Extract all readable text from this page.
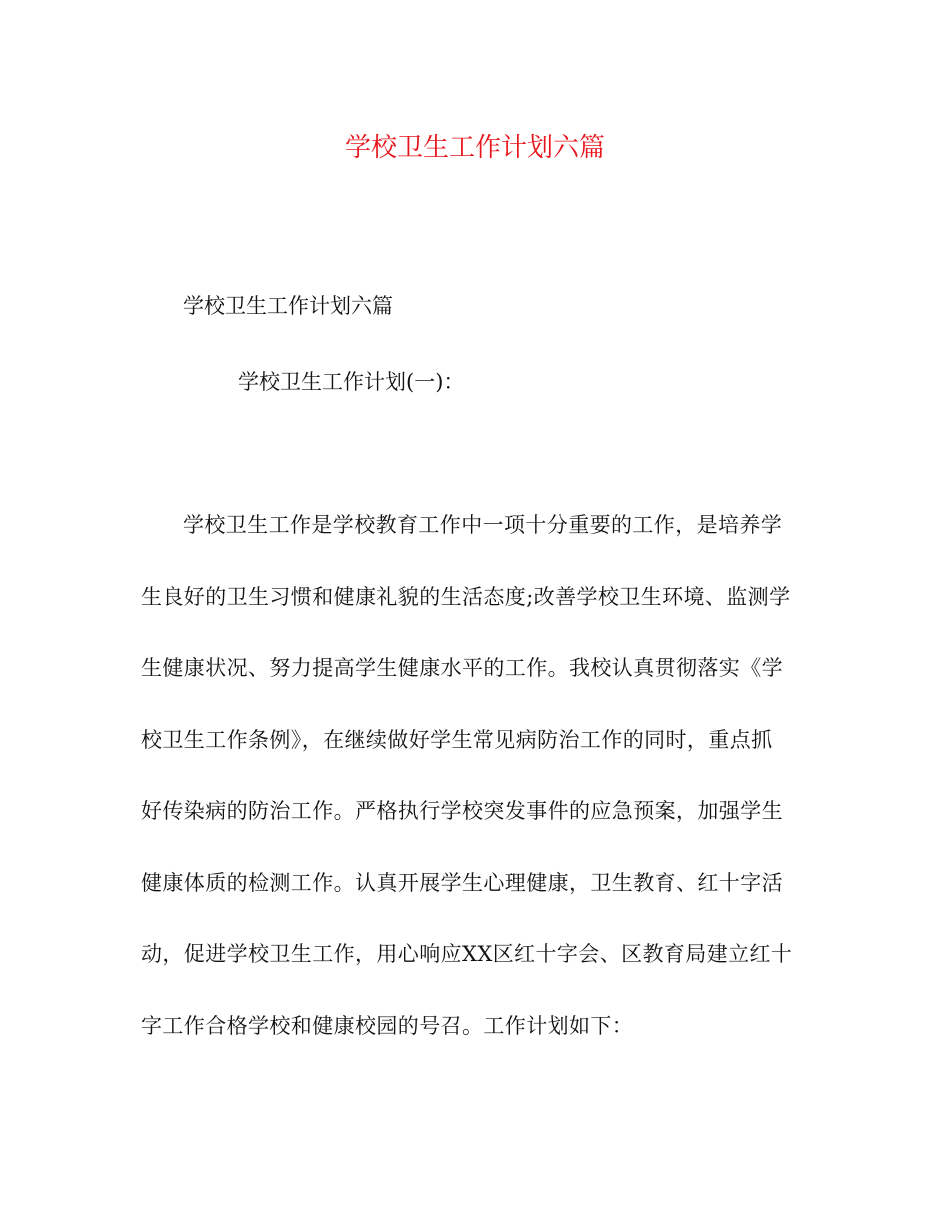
学校卫生工作计划六篇

学校卫生工作计划六篇

学校卫生工作计划(一)：

学校卫生工作是学校教育工作中一项十分重要的工作，是培养学
生良好的卫生习惯和健康礼貌的生活态度;改善学校卫生环境、监测学
生健康状况、努力提高学生健康水平的工作。我校认真贯彻落实《学
校卫生工作条例》，在继续做好学生常见病防治工作的同时，重点抓
好传染病的防治工作。严格执行学校突发事件的应急预案，加强学生
健康体质的检测工作。认真开展学生心理健康，卫生教育、红十字活
动，促进学校卫生工作，用心响应XX区红十字会、区教育局建立红十
字工作合格学校和健康校园的号召。工作计划如下：
